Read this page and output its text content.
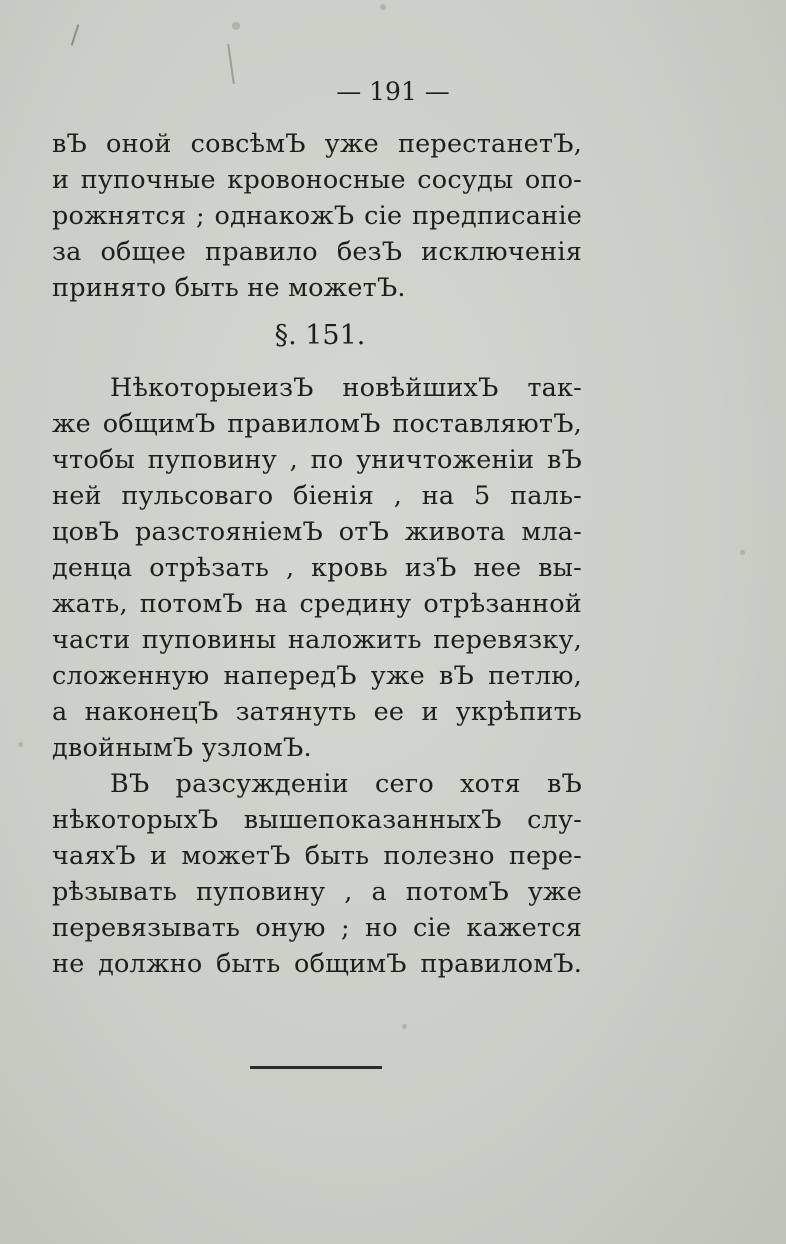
— 191 —
вЪ оной совсѣмЪ уже перестанетЪ,
и пупочные кровоносные сосуды опо-
рожнятся ; однакожЪ сіе предписаніе
за общее правило безЪ исключенія
принято быть не можетЪ.
§. 151.
НѣкоторыеизЪ новѣйшихЪ так-
же общимЪ правиломЪ поставляютЪ,
чтобы пуповину , по уничтоженіи вЪ
ней пульсоваго біенія , на 5 паль-
цовЪ разстояніемЪ отЪ живота мла-
денца отрѣзать , кровь изЪ нее вы-
жать, потомЪ на средину отрѣзанной
части пуповины наложить перевязку,
сложенную напередЪ уже вЪ петлю,
а наконецЪ затянуть ее и укрѣпить
двойнымЪ узломЪ.
ВЪ разсужденіи сего хотя вЪ
нѣкоторыхЪ вышепоказанныхЪ слу-
чаяхЪ и можетЪ быть полезно пере-
рѣзывать пуповину , а потомЪ уже
перевязывать оную ; но сіе кажется
не должно быть общимЪ правиломЪ.
